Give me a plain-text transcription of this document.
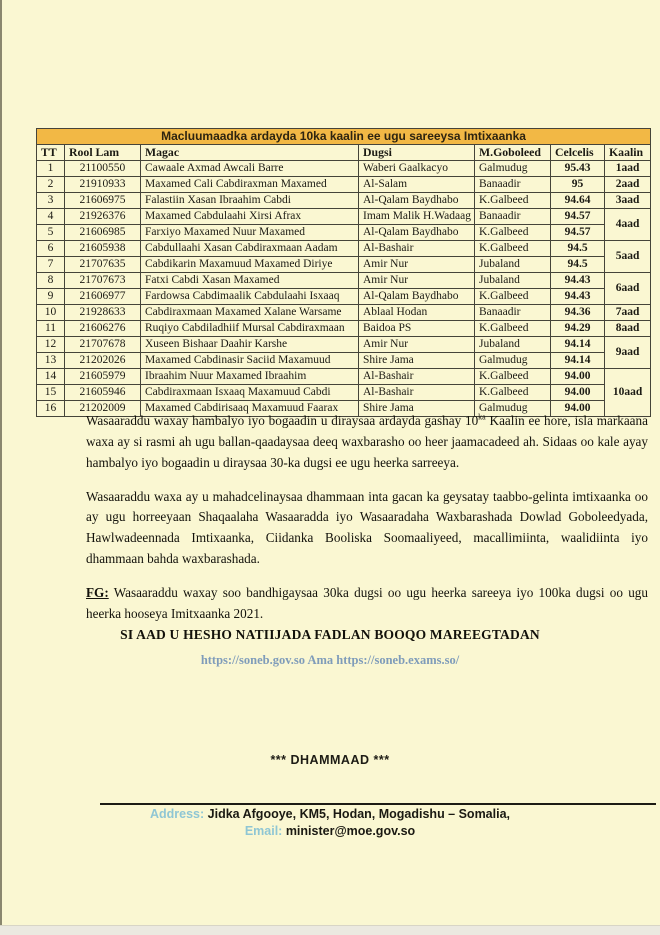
Macluumaadka ardayda 10ka kaalin ee ugu sareeysa Imtixaanka						
TT	Rool Lam	Magac	Dugsi	M.Goboleed	Celcelis	Kaalin
1	21100550	Cawaale Axmad Awcali Barre	Waberi Gaalkacyo	Galmudug	95.43	1aad
2	21910933	Maxamed Cali Cabdiraxman Maxamed	Al-Salam	Banaadir	95	2aad
3	21606975	Falastiin Xasan Ibraahim Cabdi	Al-Qalam Baydhabo	K.Galbeed	94.64	3aad
4	21926376	Maxamed Cabdulaahi Xirsi Afrax	Imam Malik H.Wadaag	Banaadir	94.57	4aad
5	21606985	Farxiyo Maxamed Nuur Maxamed	Al-Qalam Baydhabo	K.Galbeed	94.57	
6	21605938	Cabdullaahi Xasan Cabdiraxmaan Aadam	Al-Bashair	K.Galbeed	94.5	5aad
7	21707635	Cabdikarin Maxamuud Maxamed Diriye	Amir Nur	Jubaland	94.5	
8	21707673	Fatxi Cabdi Xasan Maxamed	Amir Nur	Jubaland	94.43	6aad
9	21606977	Fardowsa Cabdimaalik Cabdulaahi Isxaaq	Al-Qalam Baydhabo	K.Galbeed	94.43	
10	21928633	Cabdiraxmaan Maxamed Xalane Warsame	Ablaal Hodan	Banaadir	94.36	7aad
11	21606276	Ruqiyo Cabdiladhiif Mursal Cabdiraxmaan	Baidoa PS	K.Galbeed	94.29	8aad
12	21707678	Xuseen Bishaar Daahir Karshe	Amir Nur	Jubaland	94.14	9aad
13	21202026	Maxamed Cabdinasir Saciid Maxamuud	Shire Jama	Galmudug	94.14	
14	21605979	Ibraahim Nuur Maxamed Ibraahim	Al-Bashair	K.Galbeed	94.00	10aad
15	21605946	Cabdiraxmaan Isxaaq Maxamuud Cabdi	Al-Bashair	K.Galbeed	94.00	
16	21202009	Maxamed Cabdirisaaq Maxamuud Faarax	Shire Jama	Galmudug	94.00	

Wasaaraddu waxay hambalyo iyo bogaadin u diraysaa ardayda gashay $10^{ka}$ Kaalin ee hore, isla markaana waxa ay si rasmi ah ugu ballan-qaadaysaa deeq waxbarasho oo heer jaamacadeed ah. Sidaas oo kale ayay hambalyo iyo bogaadin u diraysaa 30-ka dugsi ee ugu heerka sarreeya.

Wasaaraddu waxa ay u mahadcelinaysaa dhammaan inta gacan ka geysatay taabbo-gelinta imtixaanka oo ay ugu horreeyaan Shaqaalaha Wasaaradda iyo Wasaaradaha Waxbarashada Dowlad Goboleedyada, Hawlwadeennada Imtixaanka, Ciidanka Booliska Soomaaliyeed, macallimiinta, waalidiinta iyo dhammaan bahda waxbarashada.

FG: Wasaaraddu waxay soo bandhigaysaa 30ka dugsi oo ugu heerka sareeya iyo 100ka dugsi oo ugu heerka hooseya Imitxaanka 2021.

SI AAD U HESHO NATIIJADA FADLAN BOOQO MAREEGTADAN
https://soneb.gov.so Ama https://soneb.exams.so/
*** DHAMMAAD ***
Address: Jidka Afgooye, KM5, Hodan, Mogadishu – Somalia,
Email: minister@moe.gov.so
